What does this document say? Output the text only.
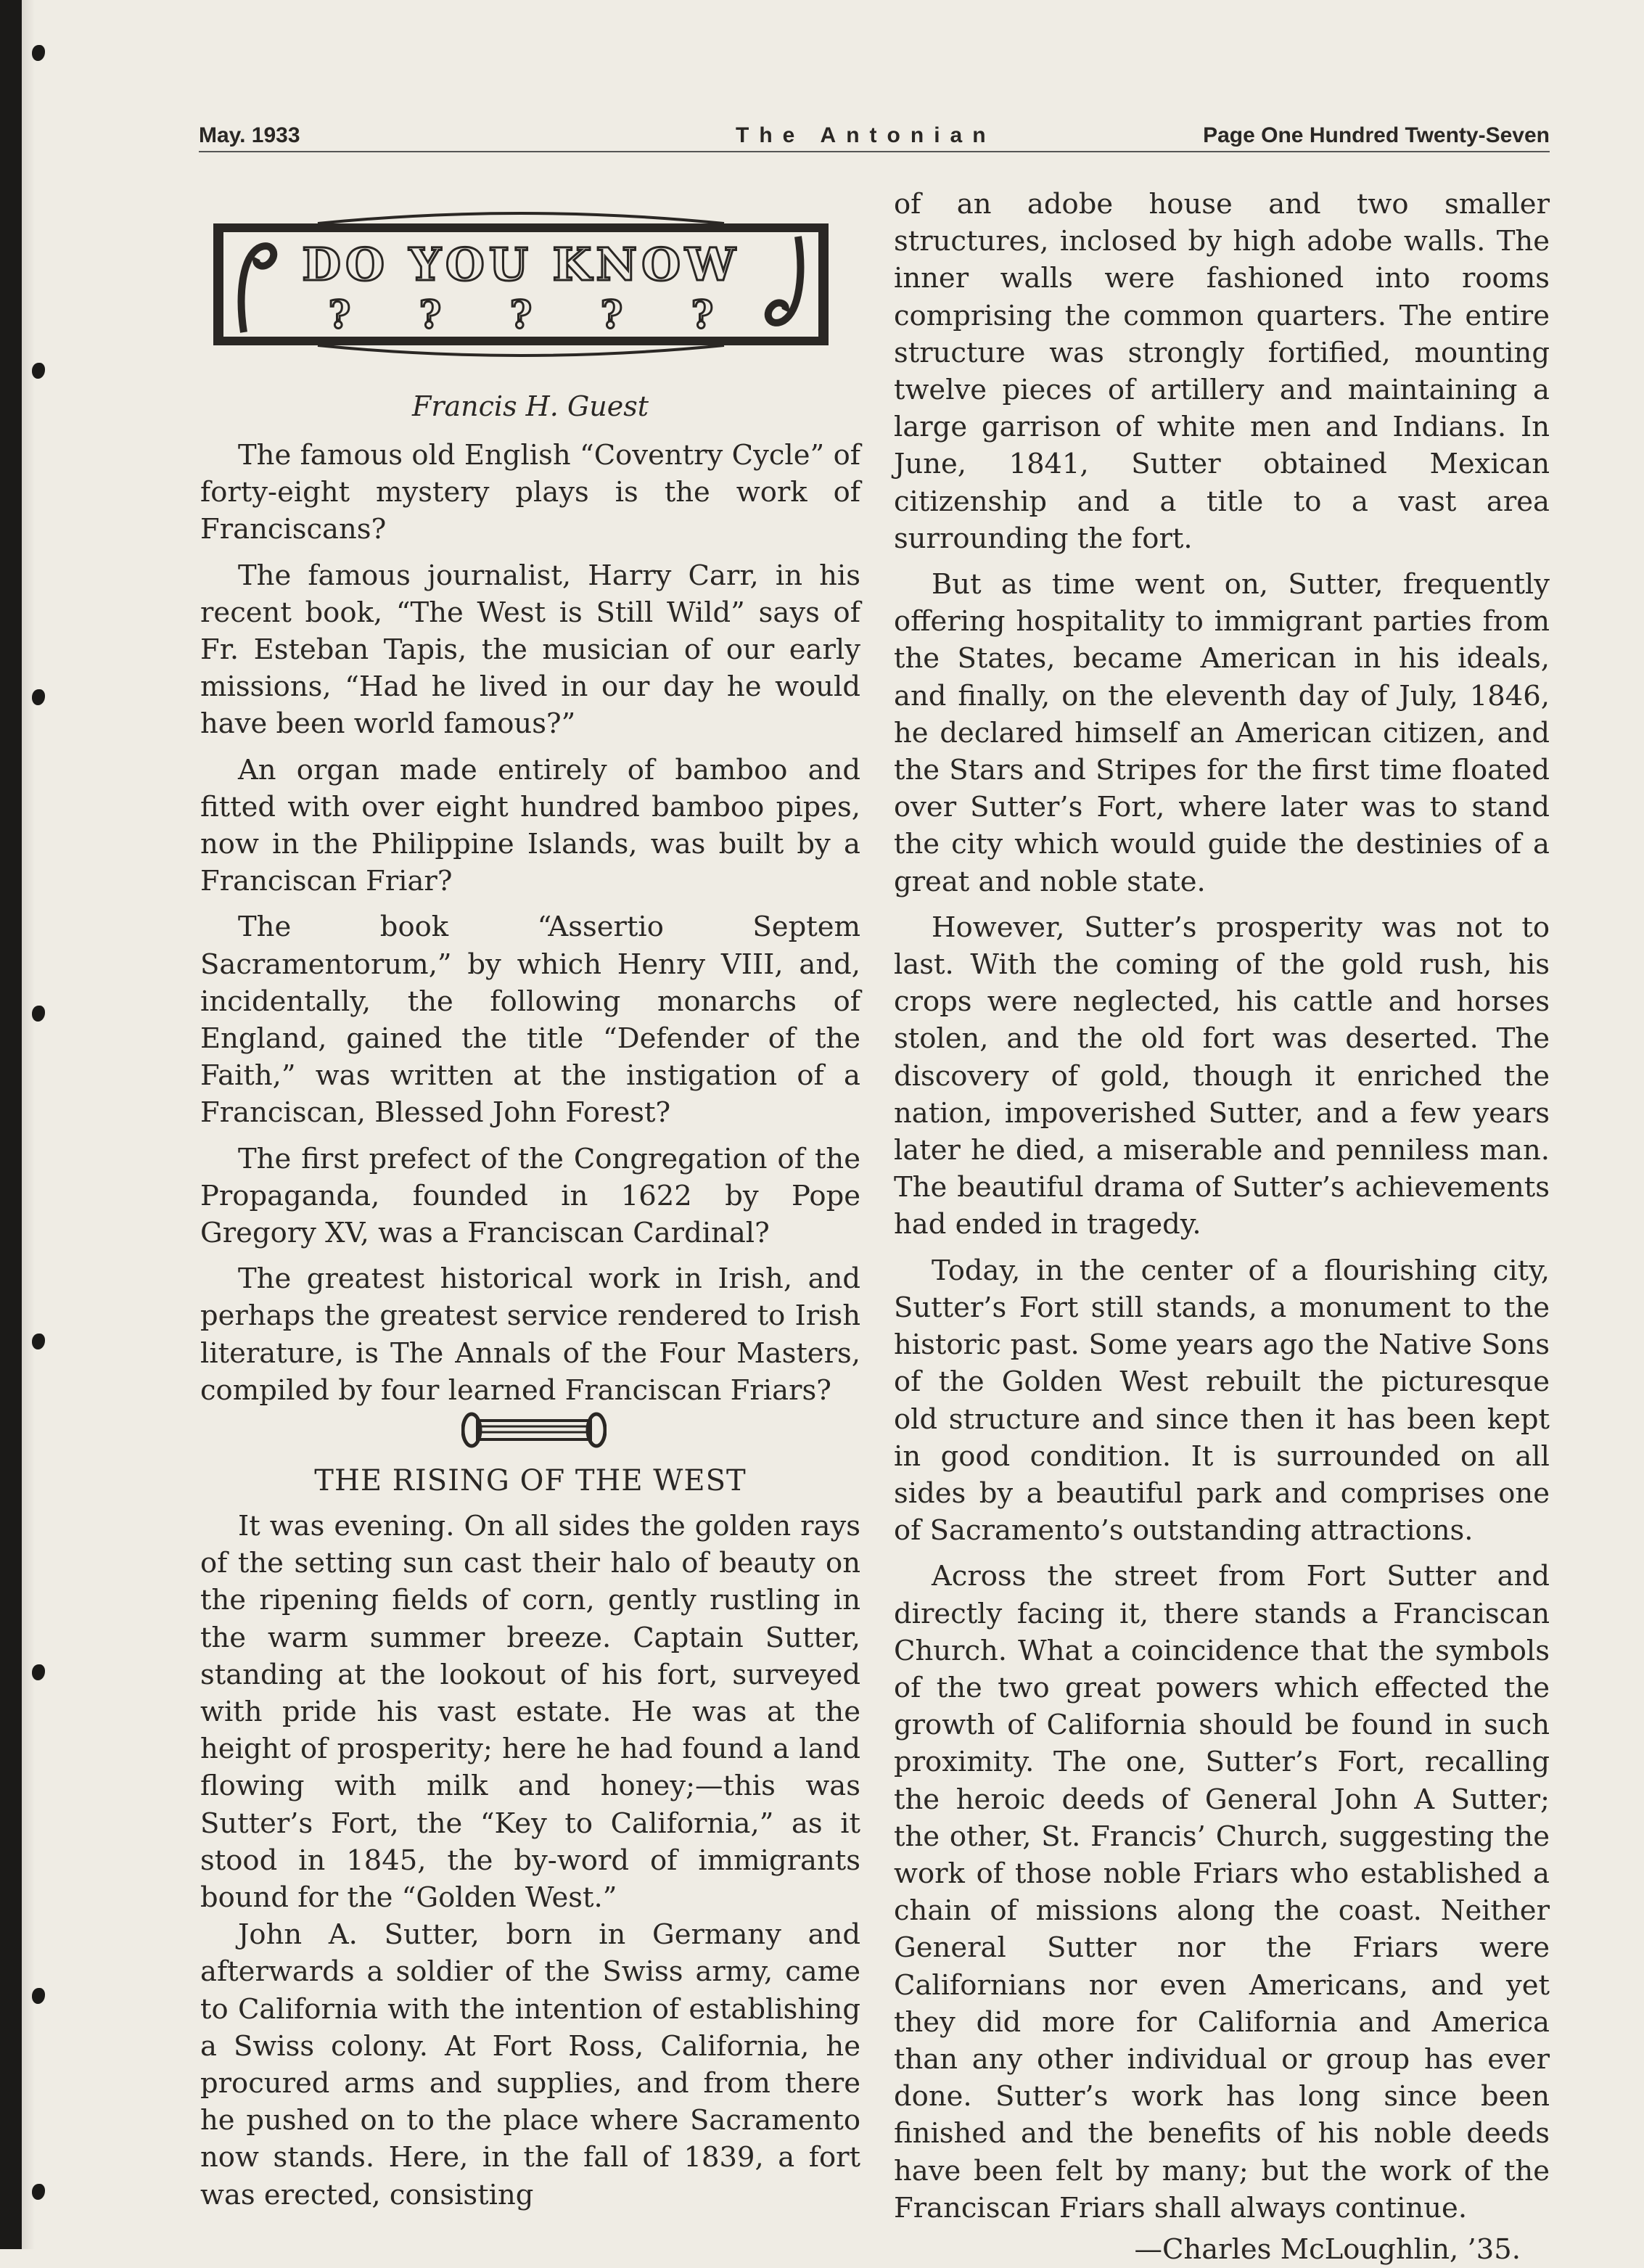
May. 1933	The Antonian	Page One Hundred Twenty-Seven
DO YOU KNOW
? ? ? ? ?
Francis H. Guest

The famous old English “Coventry Cycle” of forty-eight mystery plays is the work of Franciscans?

The famous journalist, Harry Carr, in his recent book, “The West is Still Wild” says of Fr. Esteban Tapis, the musician of our early missions, “Had he lived in our day he would have been world famous?”

An organ made entirely of bamboo and fitted with over eight hundred bamboo pipes, now in the Philippine Islands, was built by a Franciscan Friar?

The book “Assertio Septem Sacramentorum,” by which Henry VIII, and, incidentally, the following monarchs of England, gained the title “Defender of the Faith,” was written at the instigation of a Franciscan, Blessed John Forest?

The first prefect of the Congregation of the Propaganda, founded in 1622 by Pope Gregory XV, was a Franciscan Cardinal?

The greatest historical work in Irish, and perhaps the greatest service rendered to Irish literature, is The Annals of the Four Masters, compiled by four learned Franciscan Friars?

THE RISING OF THE WEST

It was evening. On all sides the golden rays of the setting sun cast their halo of beauty on the ripening fields of corn, gently rustling in the warm summer breeze. Captain Sutter, standing at the lookout of his fort, surveyed with pride his vast estate. He was at the height of prosperity; here he had found a land flowing with milk and honey;—this was Sutter’s Fort, the “Key to California,” as it stood in 1845, the by-word of immigrants bound for the “Golden West.”

John A. Sutter, born in Germany and afterwards a soldier of the Swiss army, came to California with the intention of establishing a Swiss colony. At Fort Ross, California, he procured arms and supplies, and from there he pushed on to the place where Sacramento now stands. Here, in the fall of 1839, a fort was erected, consisting

of an adobe house and two smaller structures, inclosed by high adobe walls. The inner walls were fashioned into rooms comprising the common quarters. The entire structure was strongly fortified, mounting twelve pieces of artillery and maintaining a large garrison of white men and Indians. In June, 1841, Sutter obtained Mexican citizenship and a title to a vast area surrounding the fort.

But as time went on, Sutter, frequently offering hospitality to immigrant parties from the States, became American in his ideals, and finally, on the eleventh day of July, 1846, he declared himself an American citizen, and the Stars and Stripes for the first time floated over Sutter’s Fort, where later was to stand the city which would guide the destinies of a great and noble state.

However, Sutter’s prosperity was not to last. With the coming of the gold rush, his crops were neglected, his cattle and horses stolen, and the old fort was deserted. The discovery of gold, though it enriched the nation, impoverished Sutter, and a few years later he died, a miserable and penniless man. The beautiful drama of Sutter’s achievements had ended in tragedy.

Today, in the center of a flourishing city, Sutter’s Fort still stands, a monument to the historic past. Some years ago the Native Sons of the Golden West rebuilt the picturesque old structure and since then it has been kept in good condition. It is surrounded on all sides by a beautiful park and comprises one of Sacramento’s outstanding attractions.

Across the street from Fort Sutter and directly facing it, there stands a Franciscan Church. What a coincidence that the symbols of the two great powers which effected the growth of California should be found in such proximity. The one, Sutter’s Fort, recalling the heroic deeds of General John A Sutter; the other, St. Francis’ Church, suggesting the work of those noble Friars who established a chain of missions along the coast. Neither General Sutter nor the Friars were Californians nor even Americans, and yet they did more for California and America than any other individual or group has ever done. Sutter’s work has long since been finished and the benefits of his noble deeds have been felt by many; but the work of the Franciscan Friars shall always continue.

—Charles McLoughlin, ’35.
